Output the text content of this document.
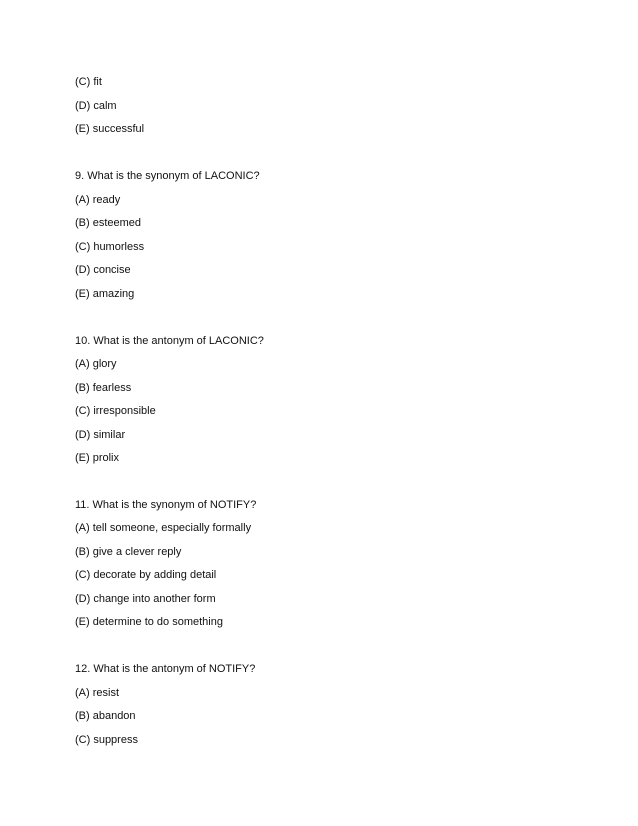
(C) fit
(D) calm
(E) successful
9. What is the synonym of LACONIC?
(A) ready
(B) esteemed
(C) humorless
(D) concise
(E) amazing
10. What is the antonym of LACONIC?
(A) glory
(B) fearless
(C) irresponsible
(D) similar
(E) prolix
11. What is the synonym of NOTIFY?
(A) tell someone, especially formally
(B) give a clever reply
(C) decorate by adding detail
(D) change into another form
(E) determine to do something
12. What is the antonym of NOTIFY?
(A) resist
(B) abandon
(C) suppress
